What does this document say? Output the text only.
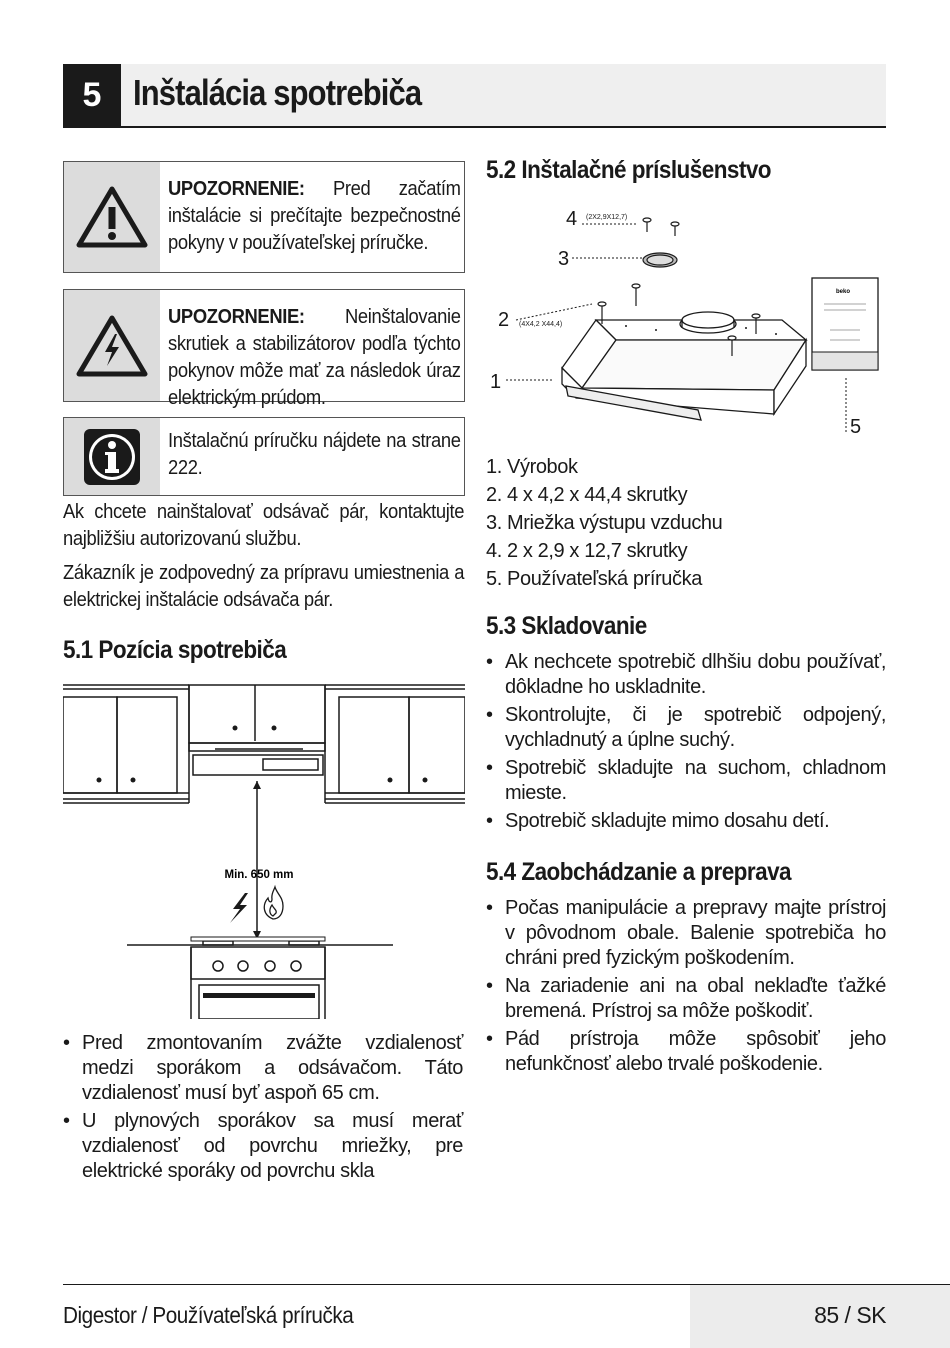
5 Inštalácia spotrebiča
UPOZORNENIE: Pred začatím inštalácie si prečítajte bezpečnostné pokyny v používateľskej príručke.
UPOZORNENIE: Neinštalovanie skrutiek a stabilizátorov podľa týchto pokynov môže mať za následok úraz elektrickým prúdom.
Inštalačnú príručku nájdete na strane 222.
Ak chcete nainštalovať odsávač pár, kontaktujte najbližšiu autorizovanú službu.
Zákazník je zodpovedný za prípravu umiestnenia a elektrickej inštalácie odsávača pár.
5.1 Pozícia spotrebiča
Min. 650 mm
• Pred zmontovaním zvážte vzdialenosť medzi sporákom a odsávačom. Táto vzdialenosť musí byť aspoň 65 cm.
• U plynových sporákov sa musí merať vzdialenosť od povrchu mriežky, pre elektrické sporáky od povrchu skla
5.2 Inštalačné príslušenstvo
4
3
2
1
5
(2X2,9X12,7)
(4X4,2 X44,4)
beko
1. Výrobok
2. 4 x 4,2 x 44,4 skrutky
3. Mriežka výstupu vzduchu
4. 2 x 2,9 x 12,7 skrutky
5. Používateľská príručka
5.3 Skladovanie
• Ak nechcete spotrebič dlhšiu dobu používať, dôkladne ho uskladnite.
• Skontrolujte, či je spotrebič odpojený, vychladnutý a úplne suchý.
• Spotrebič skladujte na suchom, chladnom mieste.
• Spotrebič skladujte mimo dosahu detí.
5.4 Zaobchádzanie a preprava
• Počas manipulácie a prepravy majte prístroj v pôvodnom obale. Balenie spotrebiča ho chráni pred fyzickým poškodením.
• Na zariadenie ani na obal neklaďte ťažké bremená. Prístroj sa môže poškodiť.
• Pád prístroja môže spôsobiť jeho nefunkčnosť alebo trvalé poškodenie.
Digestor / Používateľská príručka	85 / SK
